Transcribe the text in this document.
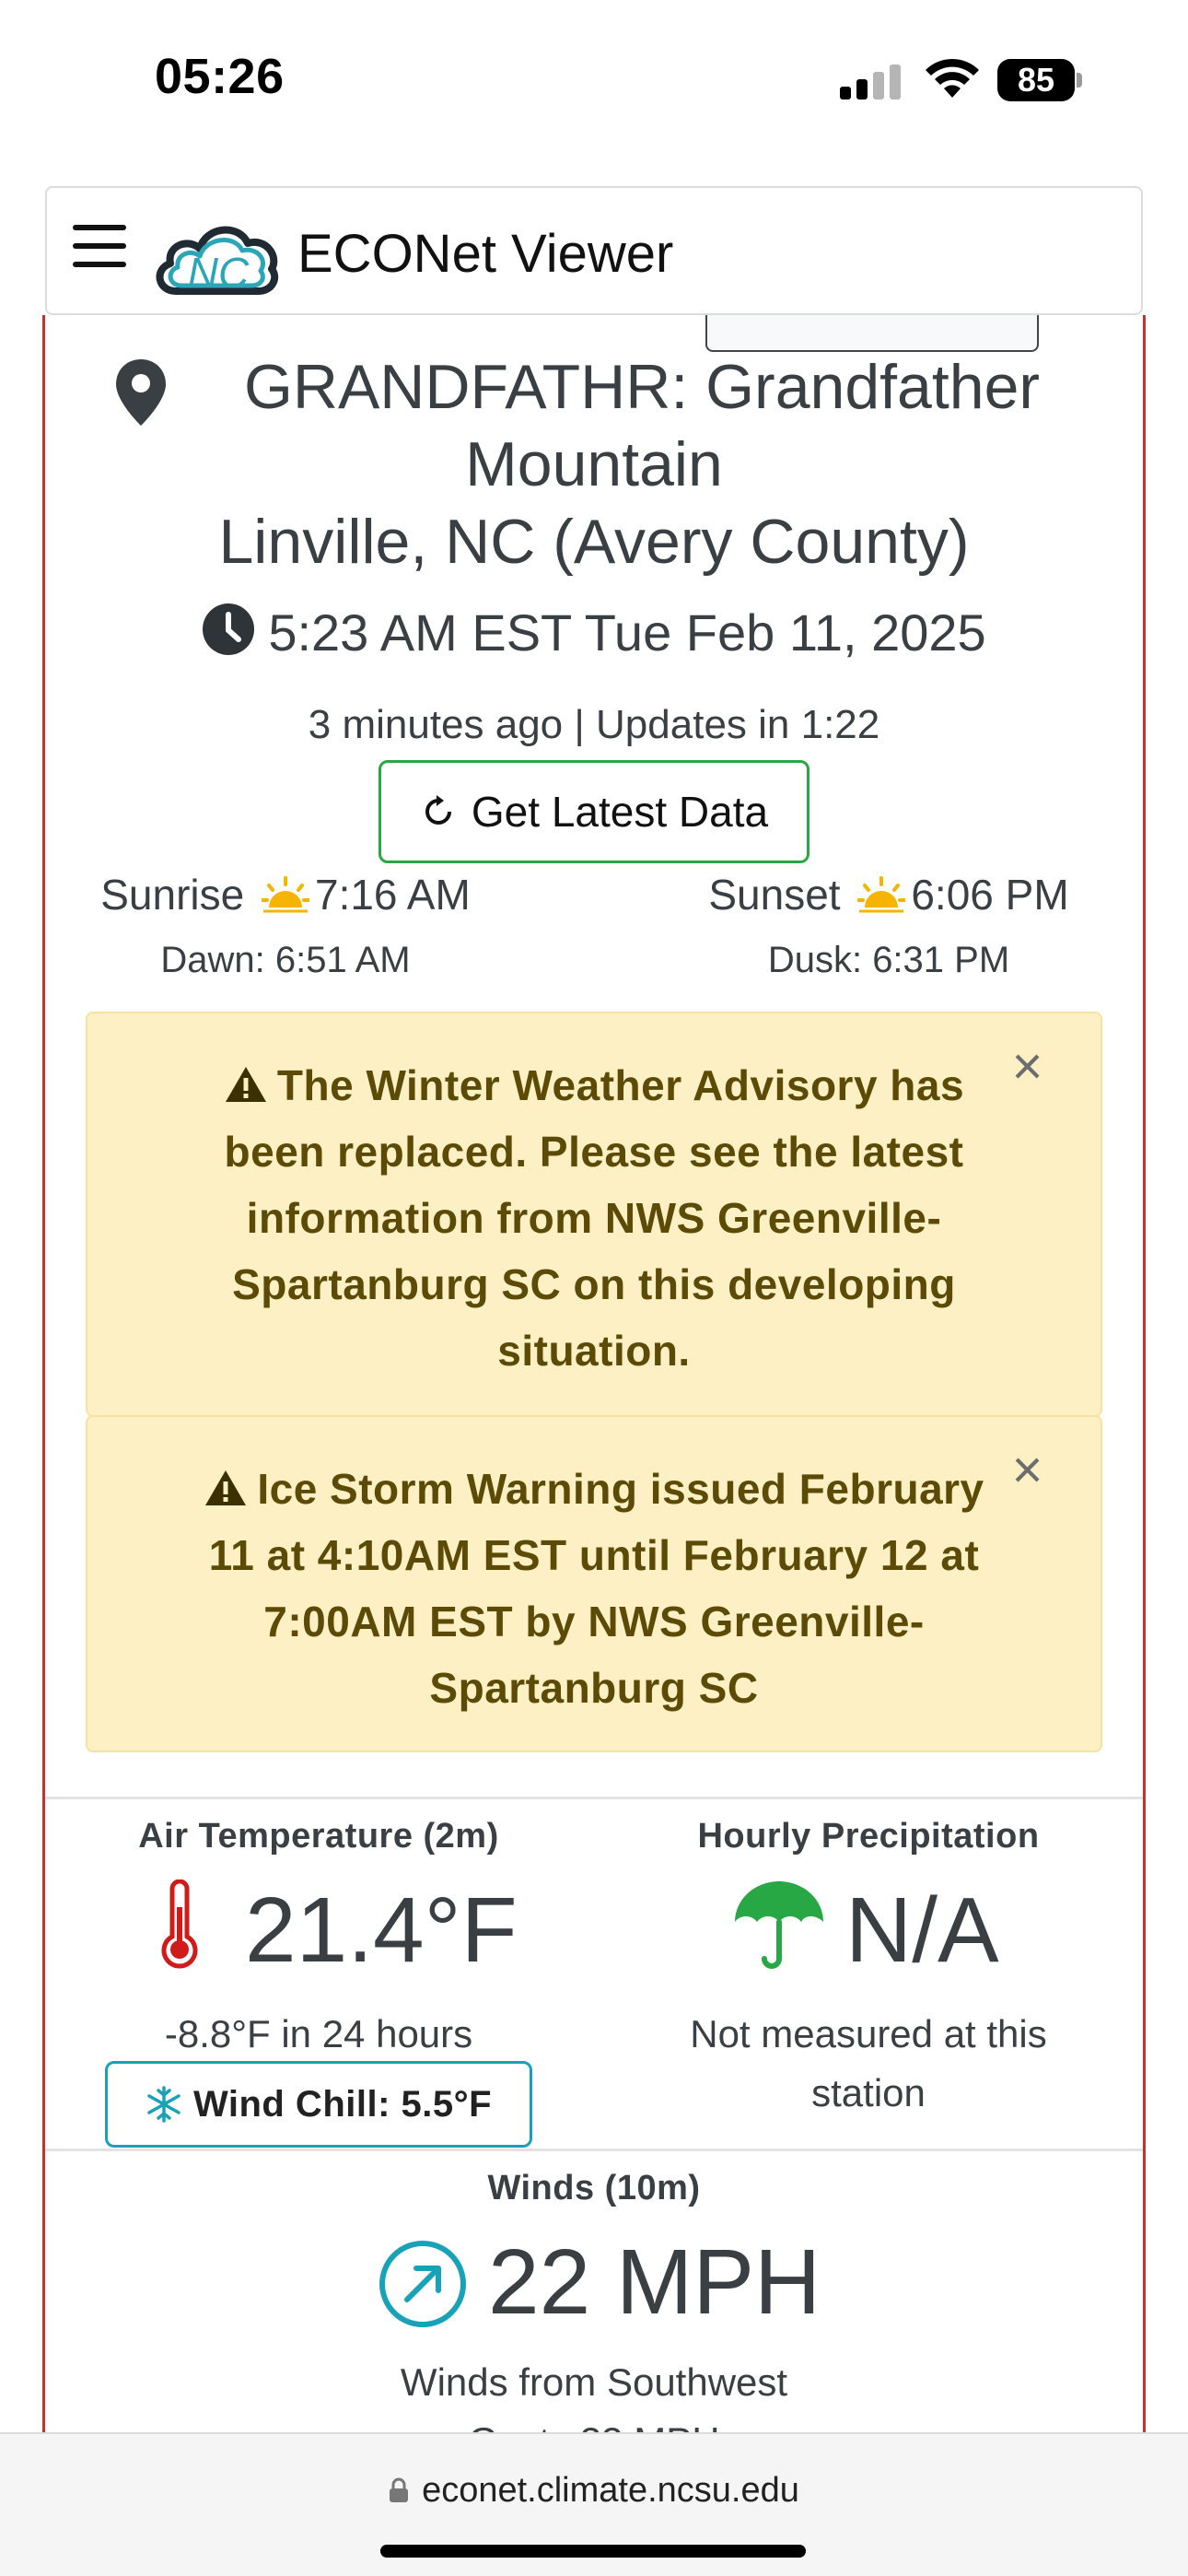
05:26	85
NC ECONet Viewer
GRANDFATHR: Grandfather
Mountain
Linville, NC (Avery County)
5:23 AM EST Tue Feb 11, 2025
3 minutes ago | Updates in 1:22
Get Latest Data
Sunrise 7:16 AM
Dawn: 6:51 AM
Sunset 6:06 PM
Dusk: 6:31 PM
The Winter Weather Advisory has been replaced. Please see the latest information from NWS Greenville-Spartanburg SC on this developing situation.
×
Ice Storm Warning issued February 11 at 4:10AM EST until February 12 at 7:00AM EST by NWS Greenville-Spartanburg SC
×
Air Temperature (2m)
21.4°F
-8.8°F in 24 hours
Wind Chill: 5.5°F
Hourly Precipitation
N/A
Not measured at this station
Winds (10m)
22 MPH
Winds from Southwest
econet.climate.ncsu.edu
